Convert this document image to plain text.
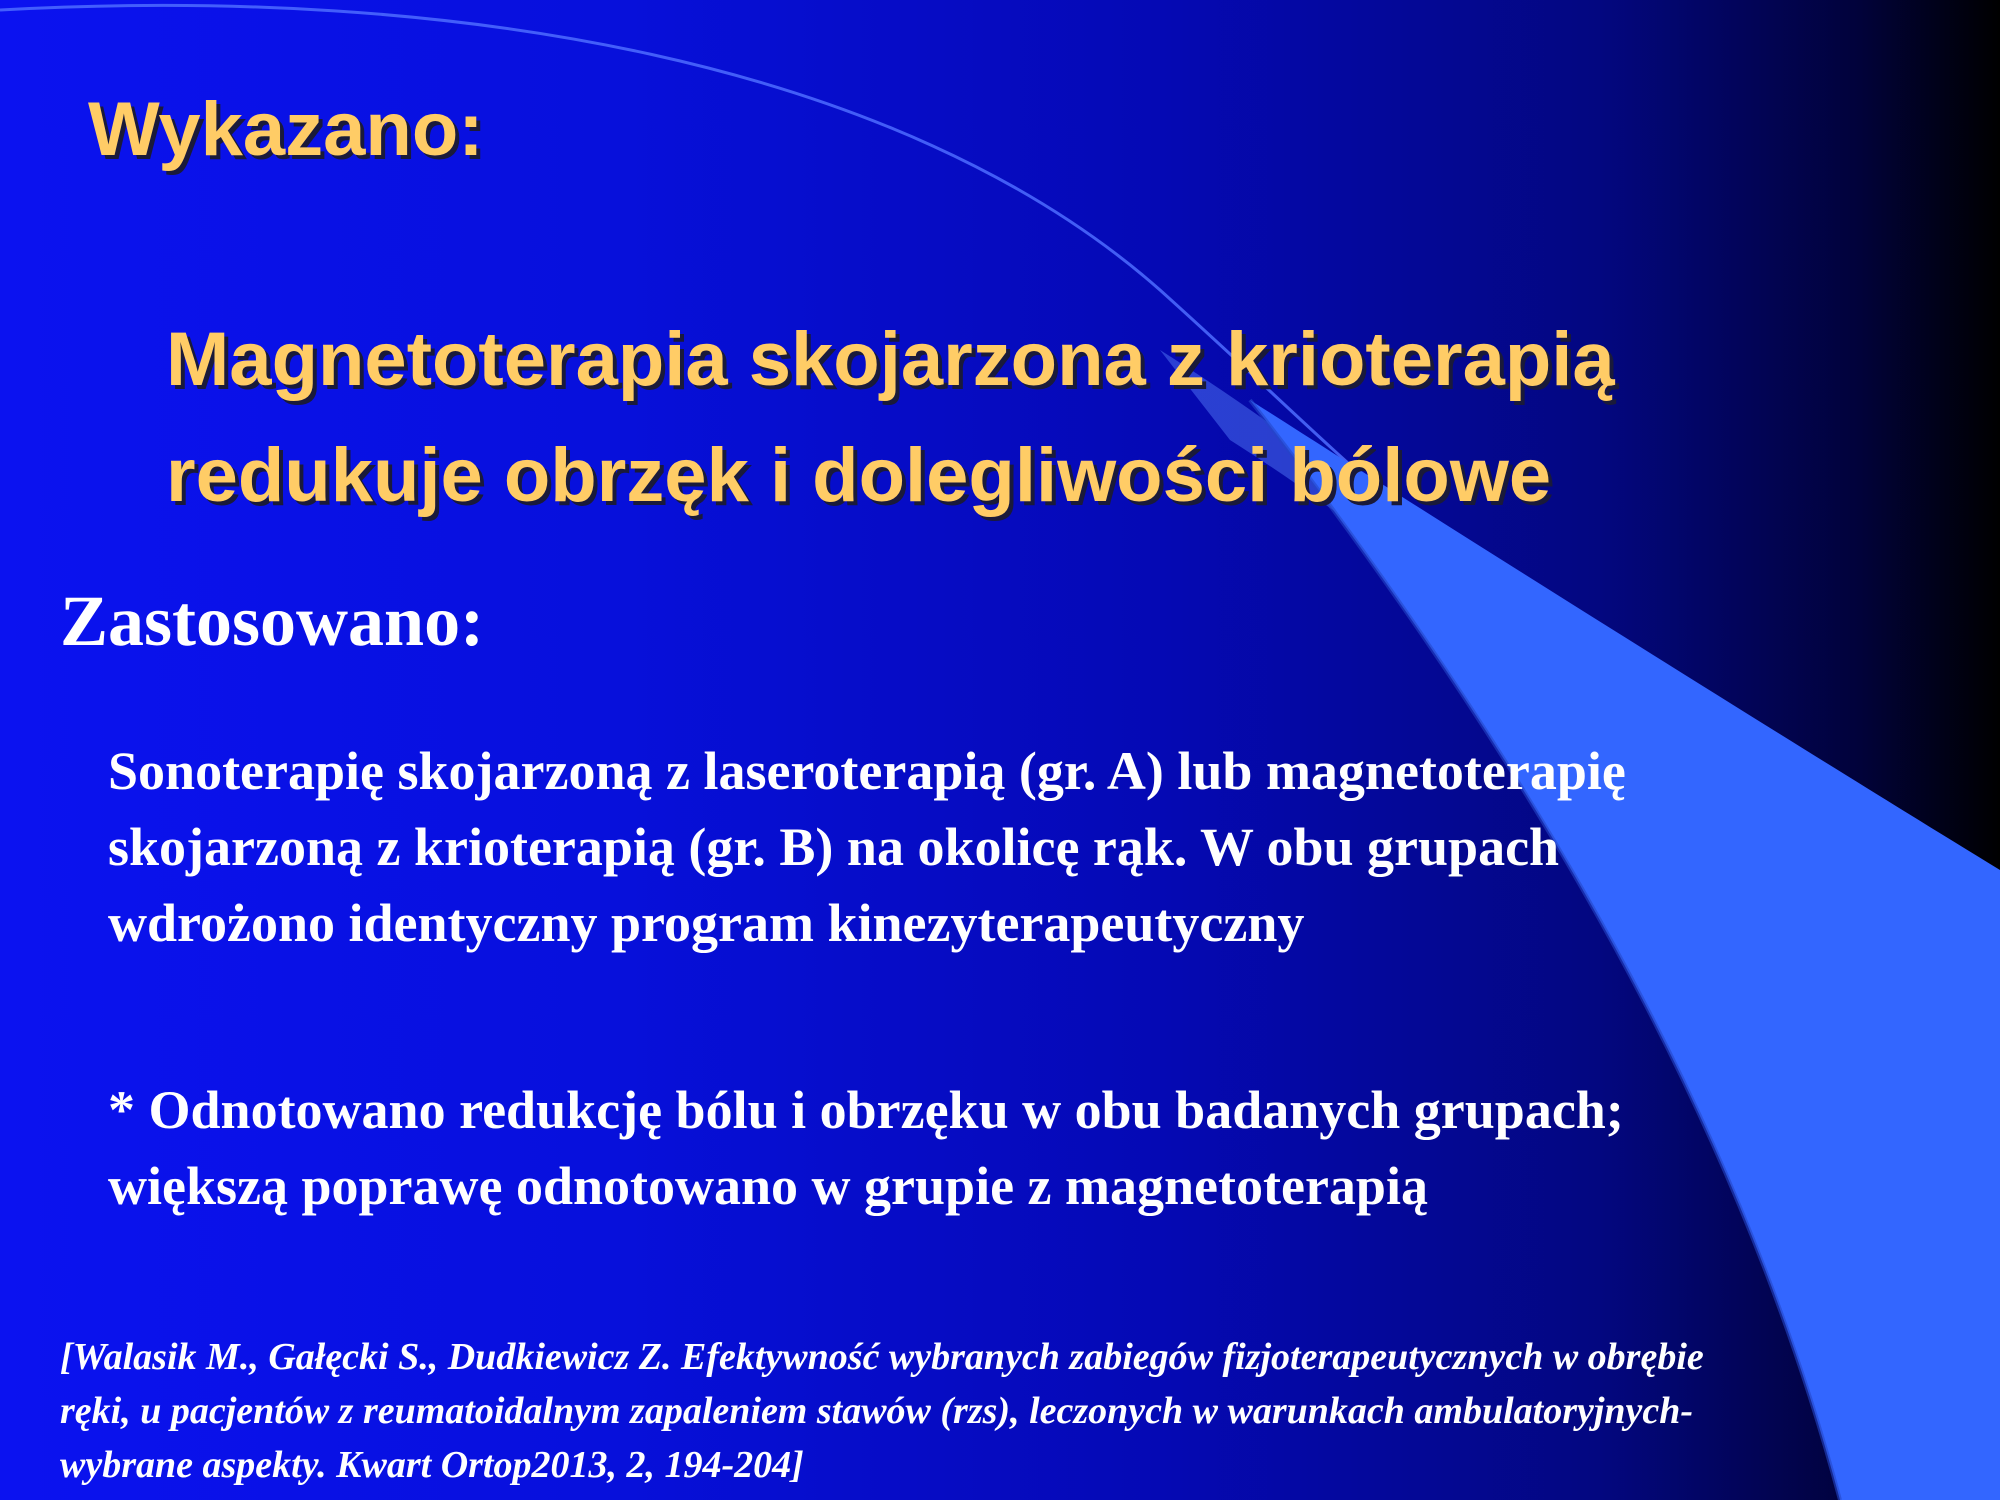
Wykazano:
Magnetoterapia skojarzona z krioterapią
redukuje obrzęk i dolegliwości bólowe
Zastosowano:

Sonoterapię skojarzoną z laseroterapią (gr. A) lub magnetoterapię
skojarzoną z krioterapią (gr. B) na okolicę rąk. W obu grupach
wdrożono identyczny program kinezyterapeutyczny

* Odnotowano redukcję bólu i obrzęku w obu badanych grupach;
większą poprawę odnotowano w grupie z magnetoterapią

[Walasik M., Gałęcki S., Dudkiewicz Z. Efektywność wybranych zabiegów fizjoterapeutycznych w obrębie
ręki, u pacjentów z reumatoidalnym zapaleniem stawów (rzs), leczonych w warunkach ambulatoryjnych-
wybrane aspekty. Kwart Ortop2013, 2, 194-204]
